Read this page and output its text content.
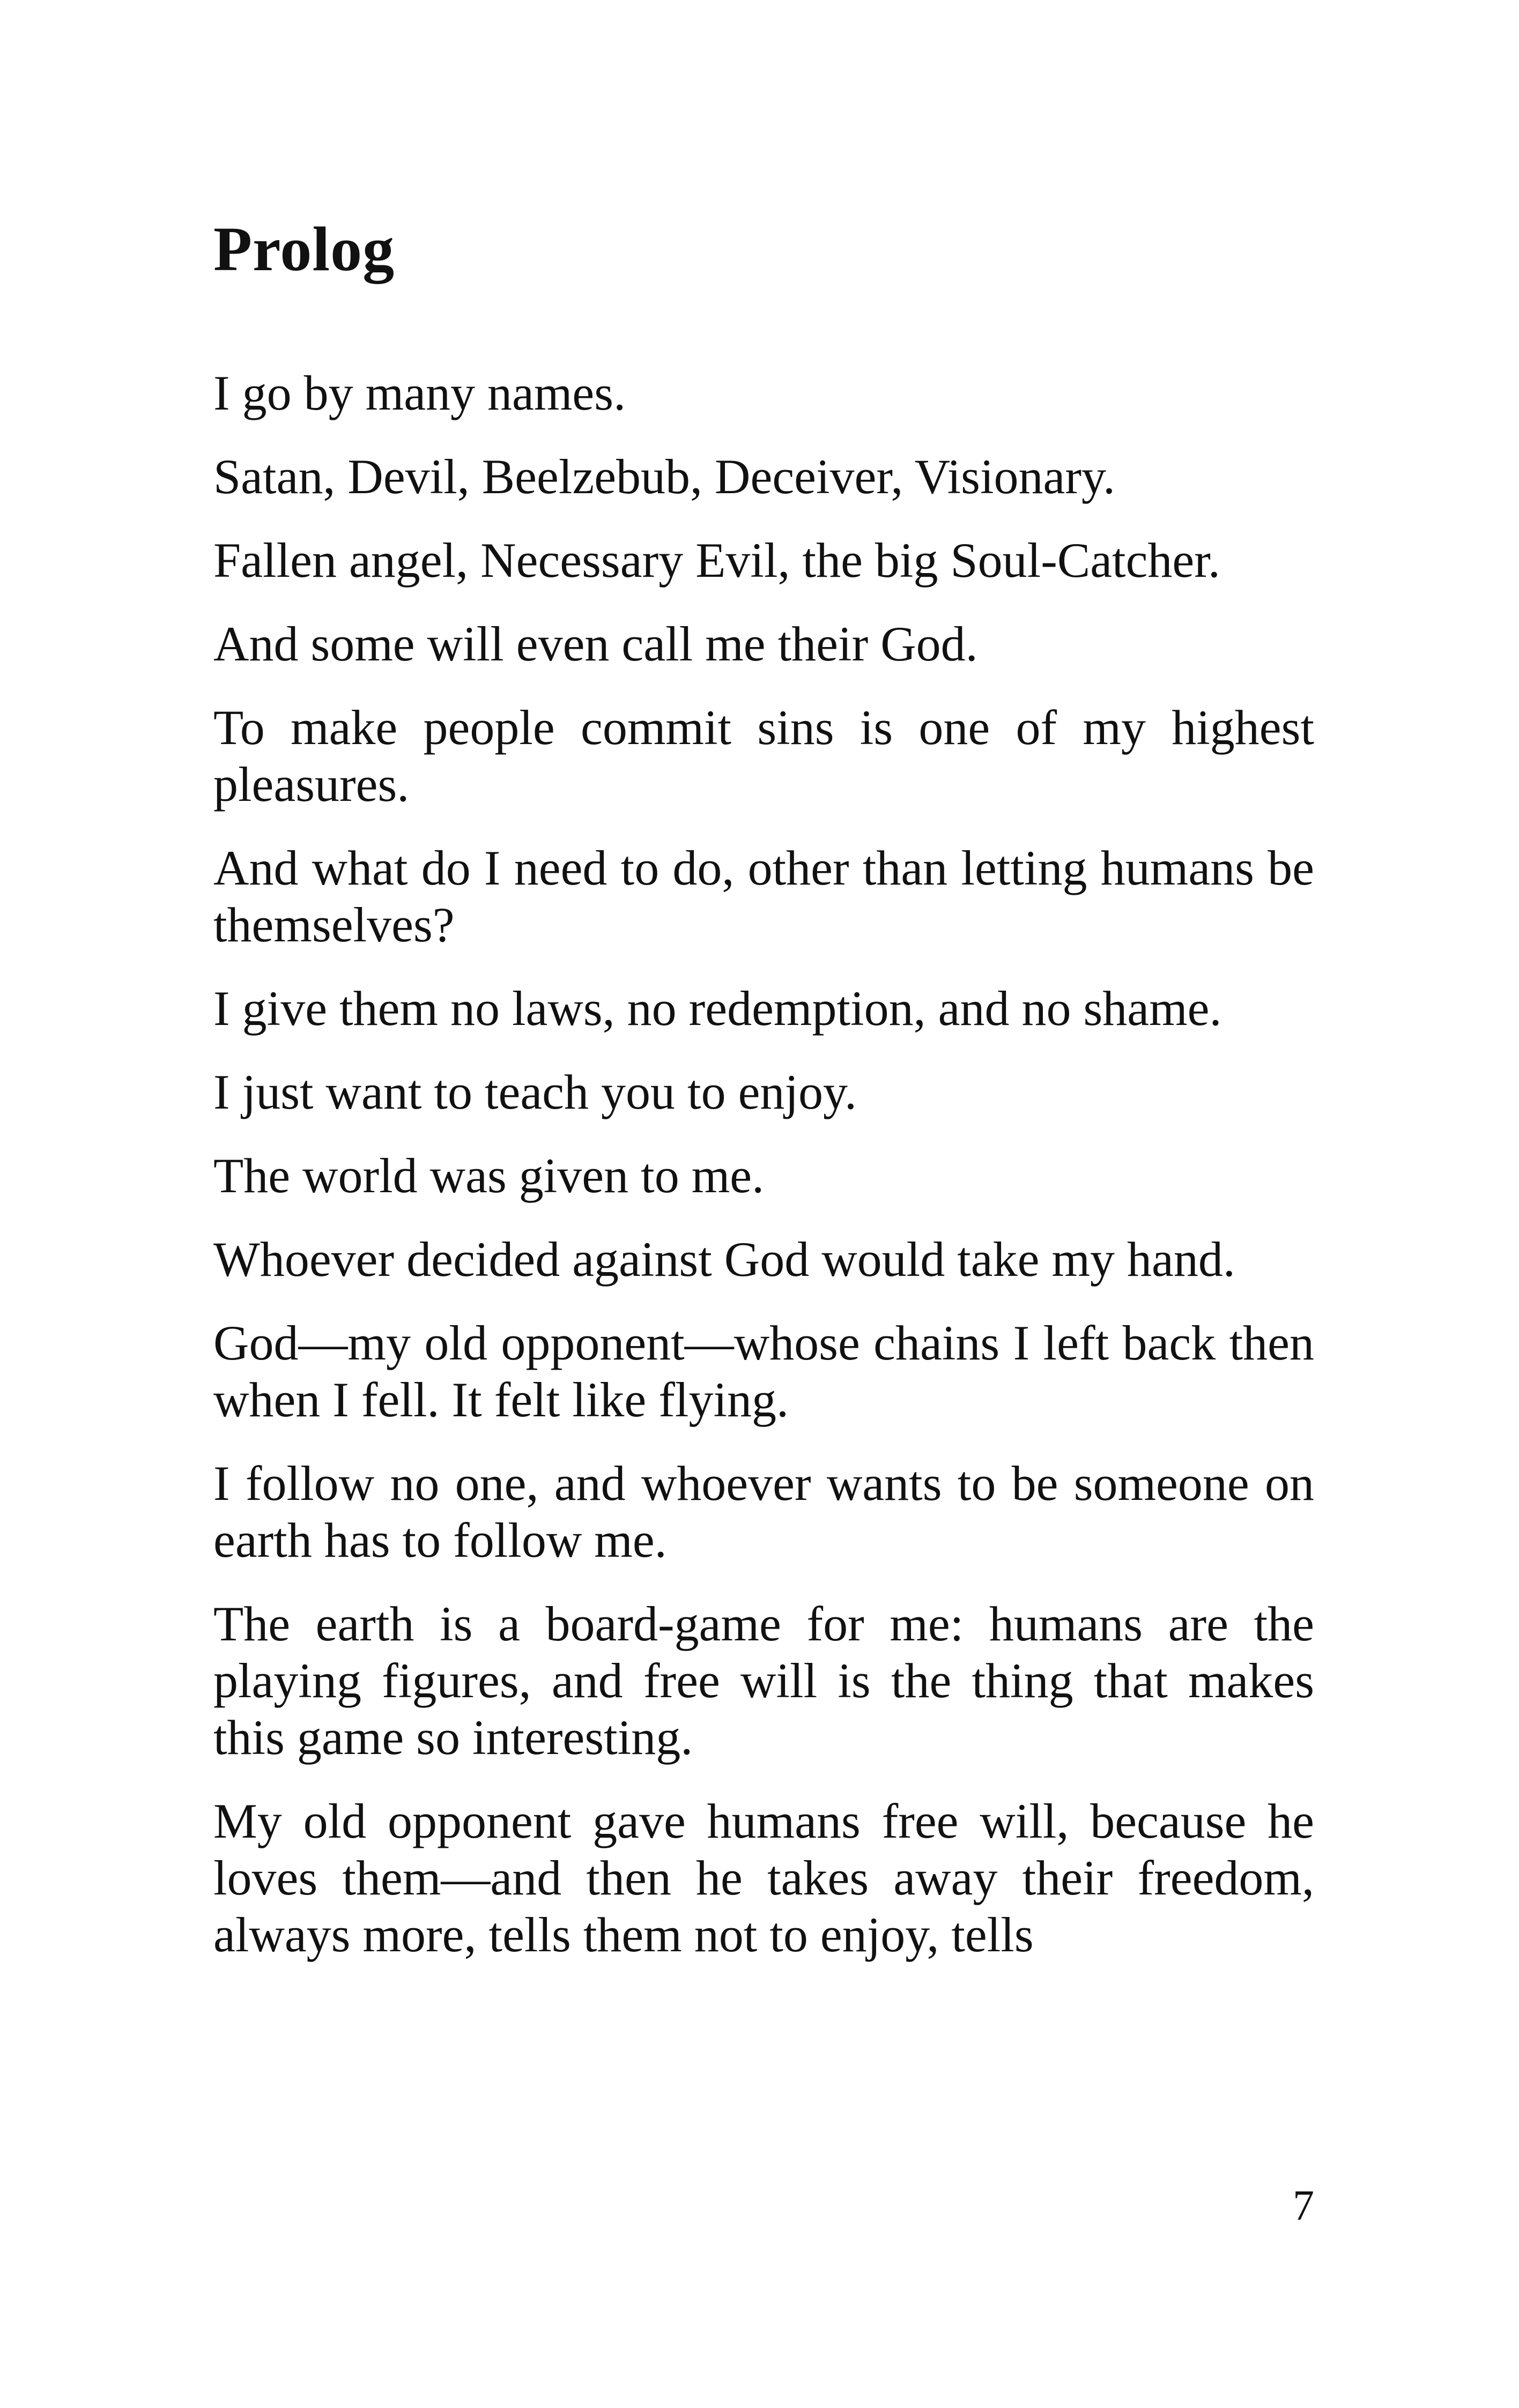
Prolog

I go by many names.

Satan, Devil, Beelzebub, Deceiver, Visionary.

Fallen angel, Necessary Evil, the big Soul-Catcher.

And some will even call me their God.

To make people commit sins is one of my highest pleasures.

And what do I need to do, other than letting humans be themselves?

I give them no laws, no redemption, and no shame.

I just want to teach you to enjoy.

The world was given to me.

Whoever decided against God would take my hand.

God—my old opponent—whose chains I left back then when I fell. It felt like flying.

I follow no one, and whoever wants to be someone on earth has to follow me.

The earth is a board-game for me: humans are the playing figures, and free will is the thing that makes this game so interesting.

My old opponent gave humans free will, because he loves them—and then he takes away their freedom, always more, tells them not to enjoy, tells

7
